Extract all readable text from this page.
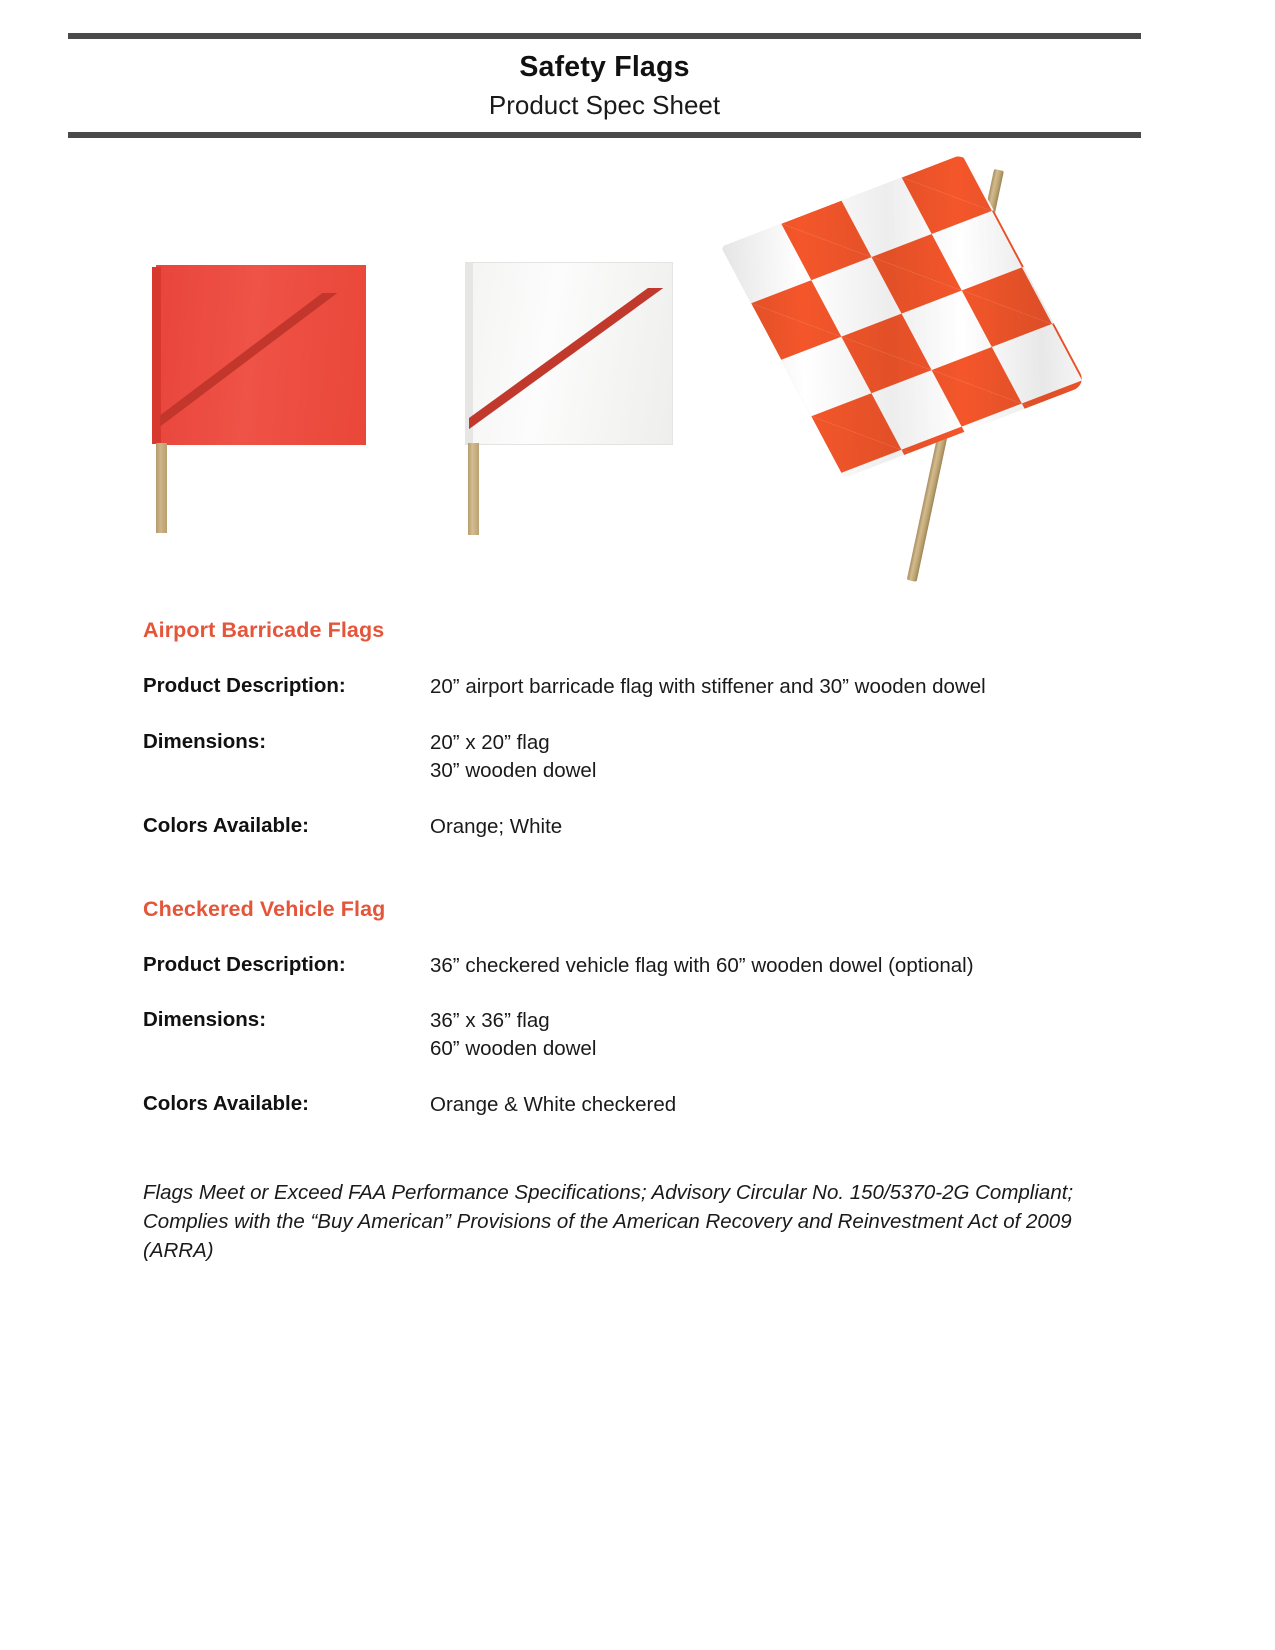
Safety Flags
Product Spec Sheet
Airport Barricade Flags
Product Description:	20” airport barricade flag with stiffener and 30” wooden dowel
Dimensions:	20” x 20” flag
30” wooden dowel
Colors Available:	Orange; White
Checkered Vehicle Flag
Product Description:	36” checkered vehicle flag with 60” wooden dowel (optional)
Dimensions:	36” x 36” flag
60” wooden dowel
Colors Available:	Orange & White checkered
Flags Meet or Exceed FAA Performance Specifications; Advisory Circular No. 150/5370-2G Compliant; Complies with the “Buy American” Provisions of the American Recovery and Reinvestment Act of 2009 (ARRA)
